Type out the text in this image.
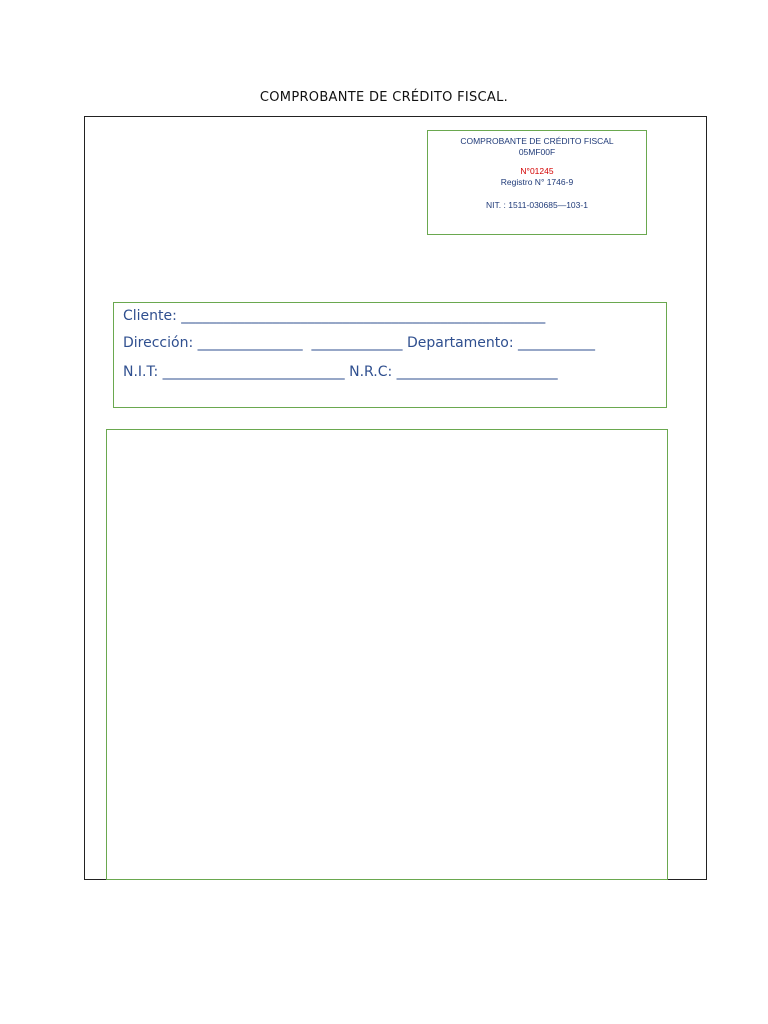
COMPROBANTE DE CRÉDITO FISCAL.
COMPROBANTE DE CRÉDITO FISCAL
05MF00F
N°01245
Registro N° 1746-9
NIT. : 1511-030685—103-1
Cliente: ____________________________________________________
Dirección: _______________  _____________ Departamento: ___________
N.I.T: __________________________ N.R.C: _______________________
